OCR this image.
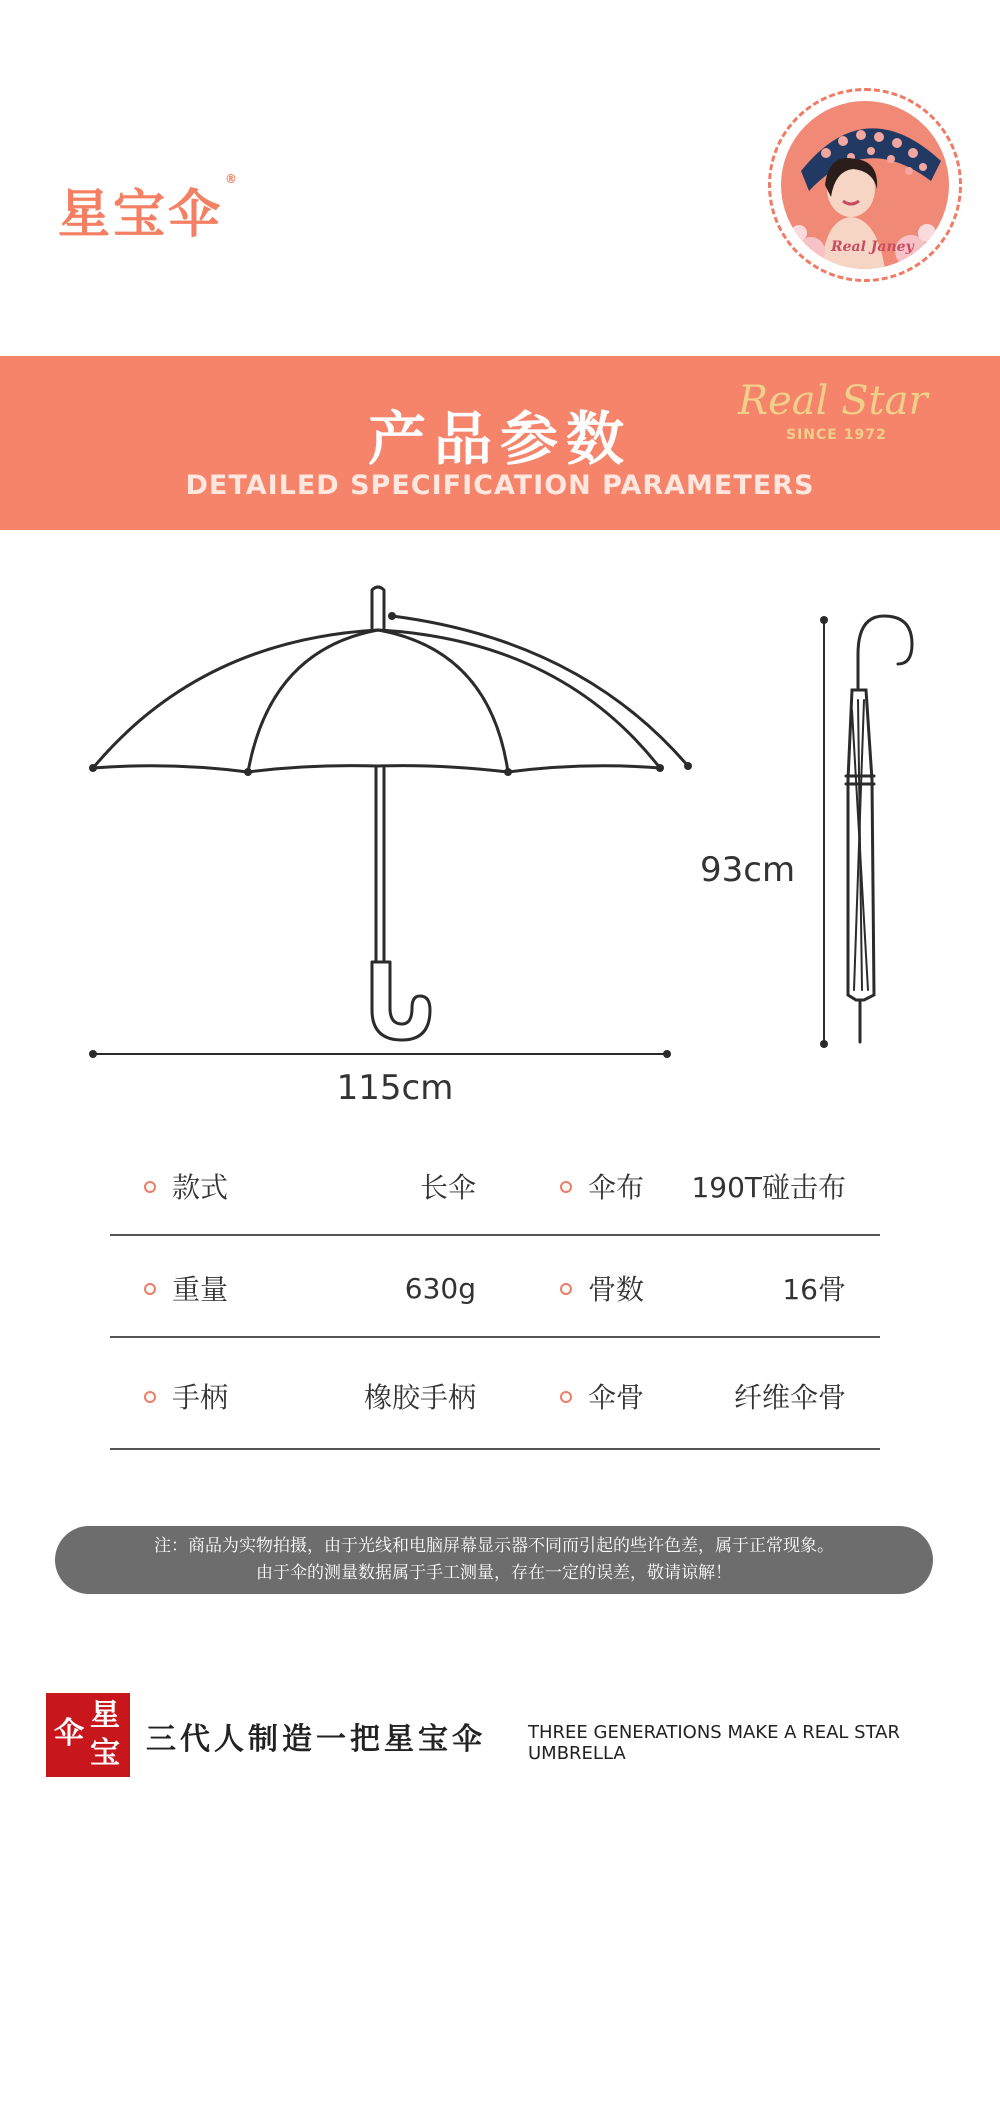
星宝伞®
Real Janey
产品参数
DETAILED SPECIFICATION PARAMETERS
Real Star
SINCE 1972
115cm
93cm
款式	长伞	伞布	190T碰击布
重量	630g	骨数	16骨
手柄	橡胶手柄	伞骨	纤维伞骨
注：商品为实物拍摄，由于光线和电脑屏幕显示器不同而引起的些许色差，属于正常现象。
由于伞的测量数据属于手工测量，存在一定的误差，敬请谅解！
星
宝
伞 三代人制造一把星宝伞 THREE GENERATIONS MAKE A REAL STAR UMBRELLA
